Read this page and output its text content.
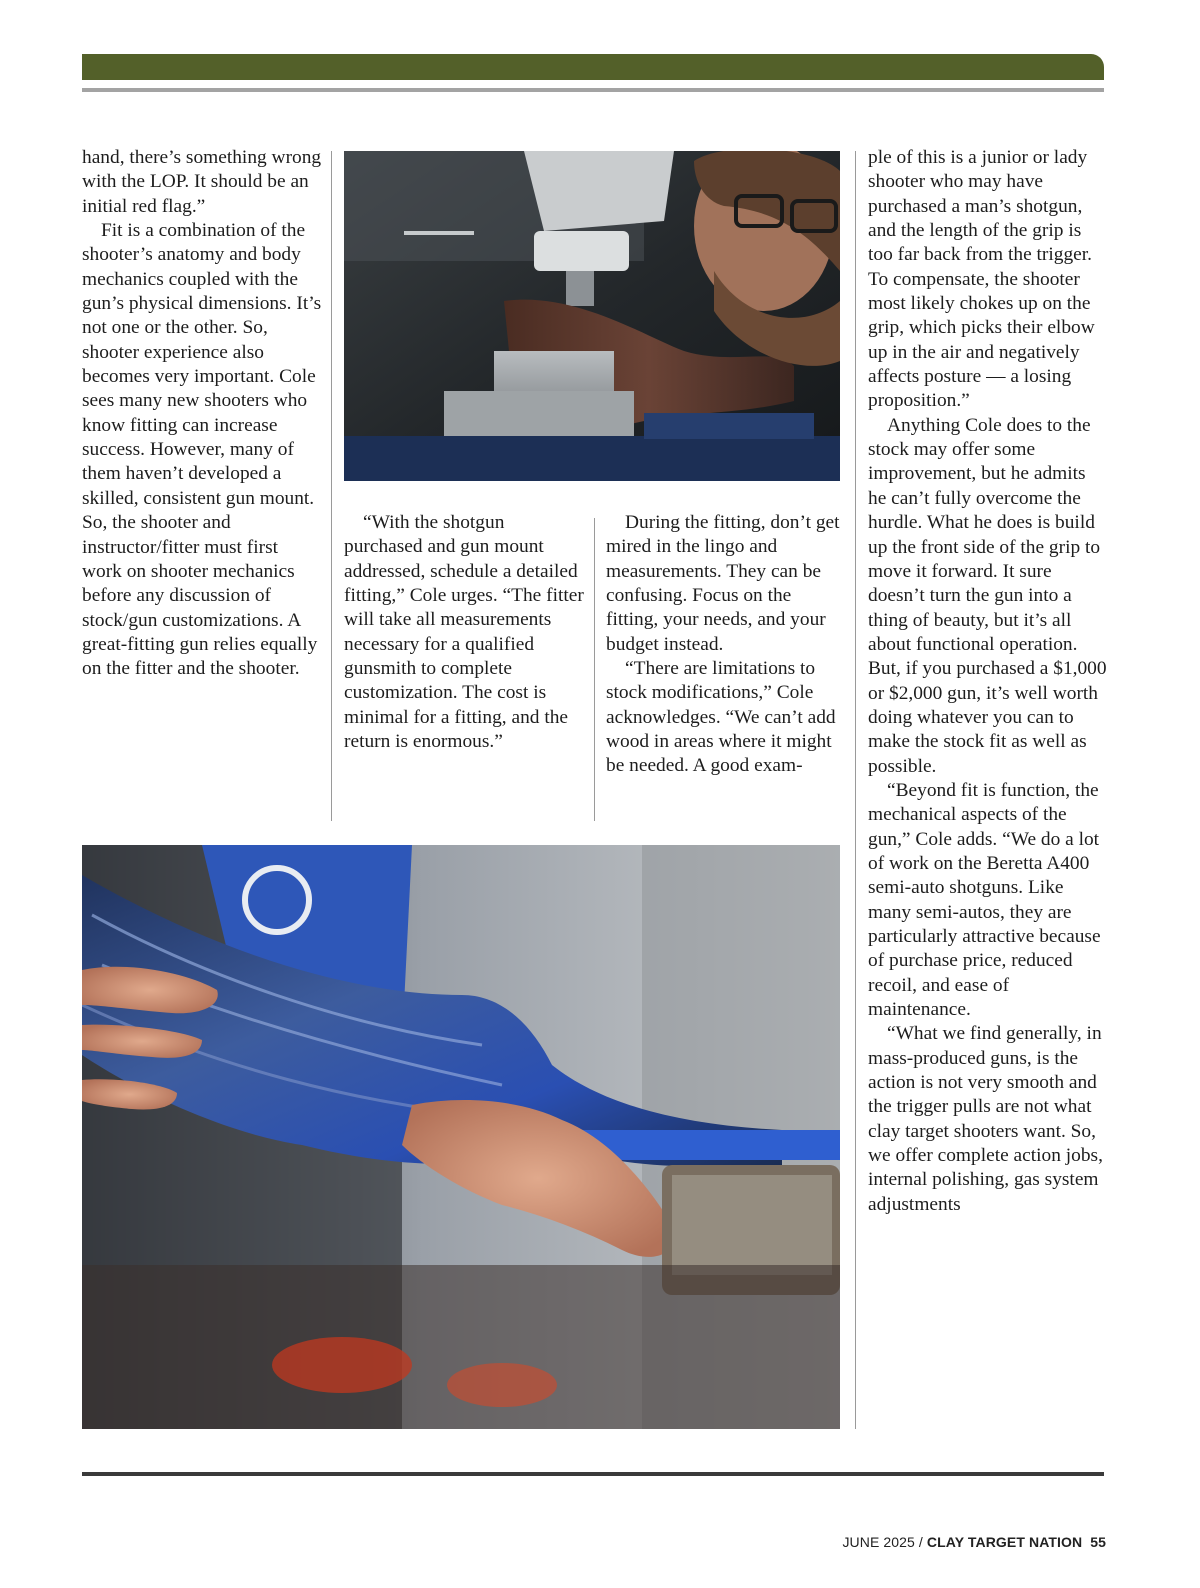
hand, there’s something wrong with the LOP. It should be an initial red flag.”

Fit is a combination of the shooter’s anatomy and body mechanics coupled with the gun’s physical dimensions. It’s not one or the other. So, shooter experience also becomes very important. Cole sees many new shooters who know fitting can increase success. However, many of them haven’t developed a skilled, consistent gun mount. So, the shooter and instructor/fitter must first work on shooter mechanics before any discussion of stock/gun customizations. A great-fitting gun relies equally on the fitter and the shooter.

“With the shotgun purchased and gun mount addressed, schedule a detailed fitting,” Cole urges. “The fitter will take all measurements necessary for a qualified gunsmith to complete customization. The cost is minimal for a fitting, and the return is enormous.”

During the fitting, don’t get mired in the lingo and measurements. They can be confusing. Focus on the fitting, your needs, and your budget instead.

“There are limitations to stock modifications,” Cole acknowledges. “We can’t add wood in areas where it might be needed. A good exam-

ple of this is a junior or lady shooter who may have purchased a man’s shotgun, and the length of the grip is too far back from the trigger. To compensate, the shooter most likely chokes up on the grip, which picks their elbow up in the air and negatively affects posture — a losing proposition.”

Anything Cole does to the stock may offer some improvement, but he admits he can’t fully overcome the hurdle. What he does is build up the front side of the grip to move it forward. It sure doesn’t turn the gun into a thing of beauty, but it’s all about functional operation. But, if you purchased a $1,000 or $2,000 gun, it’s well worth doing whatever you can to make the stock fit as well as possible.

“Beyond fit is function, the mechanical aspects of the gun,” Cole adds. “We do a lot of work on the Beretta A400 semi-auto shotguns. Like many semi-autos, they are particularly attractive because of purchase price, reduced recoil, and ease of maintenance.

“What we find generally, in mass-produced guns, is the action is not very smooth and the trigger pulls are not what clay target shooters want. So, we offer complete action jobs, internal polishing, gas system adjustments

JUNE 2025 / CLAY TARGET NATION 55
